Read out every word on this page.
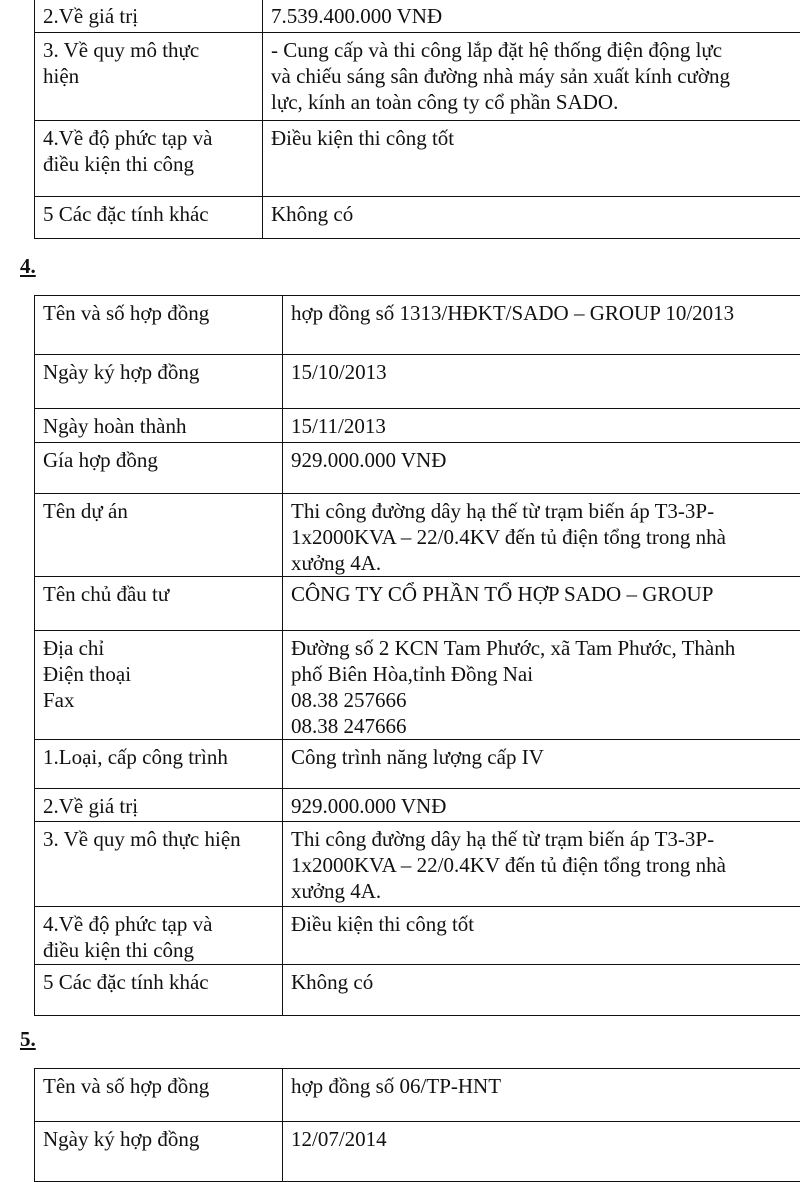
2.Về giá trị	7.539.400.000 VNĐ

3. Về quy mô thực
hiện	- Cung cấp và thi công lắp đặt hệ thống điện động lực
và chiếu sáng sân đường nhà máy sản xuất kính cường
lực, kính an toàn công ty cổ phần SADO.

4.Về độ phức tạp và
điều kiện thi công	Điều kiện thi công tốt

5 Các đặc tính khác	Không có
4.
Tên và số hợp đồng	hợp đồng số 1313/HĐKT/SADO – GROUP 10/2013

Ngày ký hợp đồng	15/10/2013

Ngày hoàn thành	15/11/2013

Gía hợp đồng	929.000.000 VNĐ

Tên dự án	Thi công đường dây hạ thế từ trạm biến áp T3-3P-
1x2000KVA – 22/0.4KV đến tủ điện tổng trong nhà
xưởng 4A.

Tên chủ đầu tư	CÔNG TY CỔ PHẦN TỔ HỢP SADO – GROUP

Địa chỉ
Điện thoại
Fax	Đường số 2 KCN Tam Phước, xã Tam Phước, Thành
phố Biên Hòa,tỉnh Đồng Nai
08.38 257666
08.38 247666

1.Loại, cấp công trình	Công trình năng lượng cấp IV

2.Về giá trị	929.000.000 VNĐ

3. Về quy mô thực hiện	Thi công đường dây hạ thế từ trạm biến áp T3-3P-
1x2000KVA – 22/0.4KV đến tủ điện tổng trong nhà
xưởng 4A.

4.Về độ phức tạp và
điều kiện thi công	Điều kiện thi công tốt

5 Các đặc tính khác	Không có
5.
Tên và số hợp đồng	hợp đồng số 06/TP-HNT

Ngày ký hợp đồng	12/07/2014
